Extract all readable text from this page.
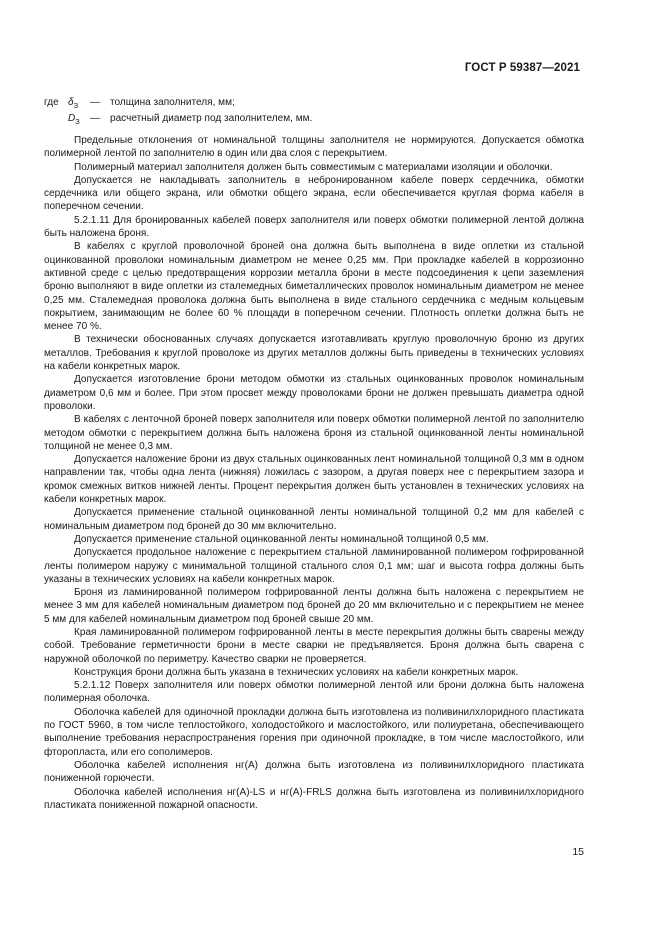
ГОСТ Р 59387—2021
где $\delta_З$	— толщина заполнителя, мм;
$D_З$	— расчетный диаметр под заполнителем, мм.

Предельные отклонения от номинальной толщины заполнителя не нормируются. Допускается обмотка полимерной лентой по заполнителю в один или два слоя с перекрытием.

Полимерный материал заполнителя должен быть совместимым с материалами изоляции и оболочки.

Допускается не накладывать заполнитель в небронированном кабеле поверх сердечника, обмотки сердечника или общего экрана, или обмотки общего экрана, если обеспечивается круглая форма кабеля в поперечном сечении.

5.2.1.11 Для бронированных кабелей поверх заполнителя или поверх обмотки полимерной лентой должна быть наложена броня.

В кабелях с круглой проволочной броней она должна быть выполнена в виде оплетки из стальной оцинкованной проволоки номинальным диаметром не менее 0,25 мм. При прокладке кабелей в коррозионно активной среде с целью предотвращения коррозии металла брони в месте подсоединения к цепи заземления броню выполняют в виде оплетки из сталемедных биметаллических проволок номинальным диаметром не менее 0,25 мм. Сталемедная проволока должна быть выполнена в виде стального сердечника с медным кольцевым покрытием, занимающим не более 60 % площади в поперечном сечении. Плотность оплетки должна быть не менее 70 %.

В технически обоснованных случаях допускается изготавливать круглую проволочную броню из других металлов. Требования к круглой проволоке из других металлов должны быть приведены в технических условиях на кабели конкретных марок.

Допускается изготовление брони методом обмотки из стальных оцинкованных проволок номинальным диаметром 0,6 мм и более. При этом просвет между проволоками брони не должен превышать диаметра одной проволоки.

В кабелях с ленточной броней поверх заполнителя или поверх обмотки полимерной лентой по заполнителю методом обмотки с перекрытием должна быть наложена броня из стальной оцинкованной ленты номинальной толщиной не менее 0,3 мм.

Допускается наложение брони из двух стальных оцинкованных лент номинальной толщиной 0,3 мм в одном направлении так, чтобы одна лента (нижняя) ложилась с зазором, а другая поверх нее с перекрытием зазора и кромок смежных витков нижней ленты. Процент перекрытия должен быть установлен в технических условиях на кабели конкретных марок.

Допускается применение стальной оцинкованной ленты номинальной толщиной 0,2 мм для кабелей с номинальным диаметром под броней до 30 мм включительно.

Допускается применение стальной оцинкованной ленты номинальной толщиной 0,5 мм.

Допускается продольное наложение с перекрытием стальной ламинированной полимером гофрированной ленты полимером наружу с минимальной толщиной стального слоя 0,1 мм; шаг и высота гофра должны быть указаны в технических условиях на кабели конкретных марок.

Броня из ламинированной полимером гофрированной ленты должна быть наложена с перекрытием не менее 3 мм для кабелей номинальным диаметром под броней до 20 мм включительно и с перекрытием не менее 5 мм для кабелей номинальным диаметром под броней свыше 20 мм.

Края ламинированной полимером гофрированной ленты в месте перекрытия должны быть сварены между собой. Требование герметичности брони в месте сварки не предъявляется. Броня должна быть сварена с наружной оболочкой по периметру. Качество сварки не проверяется.

Конструкция брони должна быть указана в технических условиях на кабели конкретных марок.

5.2.1.12 Поверх заполнителя или поверх обмотки полимерной лентой или брони должна быть наложена полимерная оболочка.

Оболочка кабелей для одиночной прокладки должна быть изготовлена из поливинилхлоридного пластиката по ГОСТ 5960, в том числе теплостойкого, холодостойкого и маслостойкого, или полиуретана, обеспечивающего выполнение требования нераспространения горения при одиночной прокладке, в том числе маслостойкого, или фторопласта, или его сополимеров.

Оболочка кабелей исполнения нг(А) должна быть изготовлена из поливинилхлоридного пластиката пониженной горючести.

Оболочка кабелей исполнения нг(А)-LS и нг(А)-FRLS должна быть изготовлена из поливинилхлоридного пластиката пониженной пожарной опасности.

15
